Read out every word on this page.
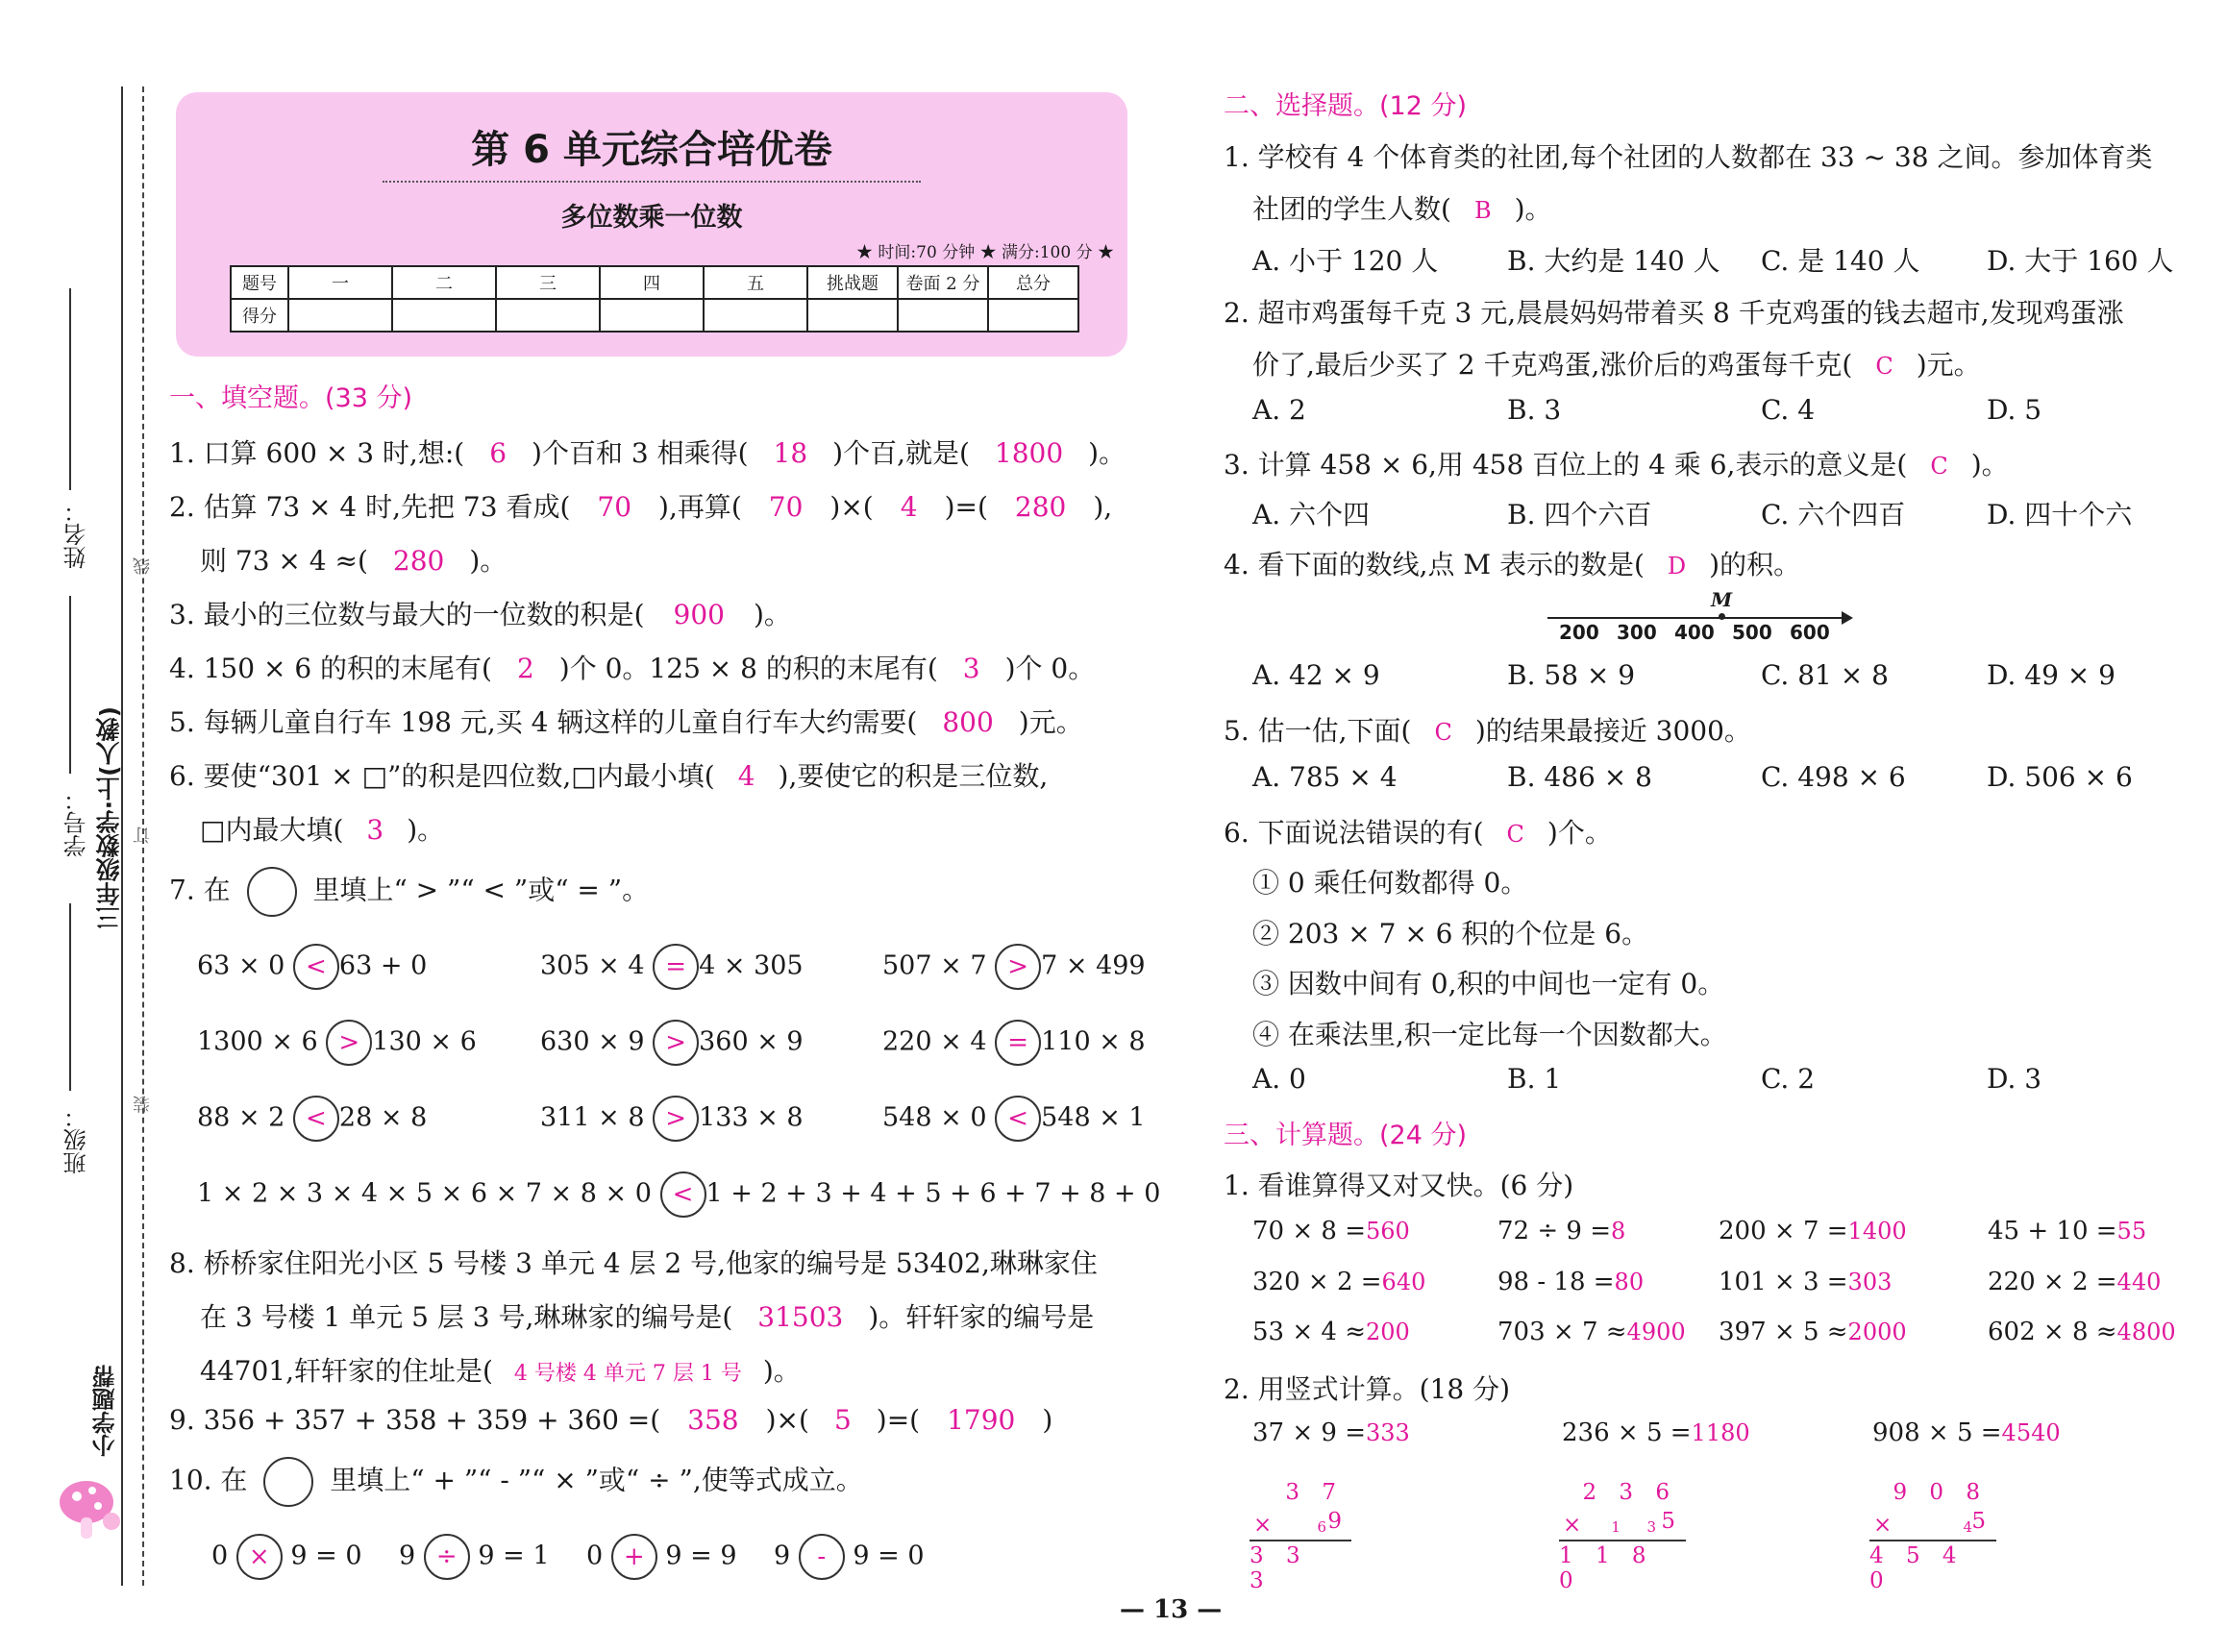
姓名： 线
学号： 三年级数学·上(人教) 订
班级：
装
小学题帮
第 6 单元综合培优卷
多位数乘一位数
★ 时间:70 分钟 ★ 满分:100 分 ★
题号	一	二	三	四	五	挑战题	卷面 2 分	总分
得分								
一、填空题。(33 分)
1. 口算 600 × 3 时,想:( 6 )个百和 3 相乘得( 18 )个百,就是( 1800 )。
2. 估算 73 × 4 时,先把 73 看成( 70 ),再算( 70 )×( 4 )=( 280 ),
则 73 × 4 ≈( 280 )。
3. 最小的三位数与最大的一位数的积是( 900 )。
4. 150 × 6 的积的末尾有( 2 )个 0。125 × 8 的积的末尾有( 3 )个 0。
5. 每辆儿童自行车 198 元,买 4 辆这样的儿童自行车大约需要( 800 )元。
6. 要使“301 × □”的积是四位数,□内最小填( 4 ),要使它的积是三位数,
□内最大填( 3 )。
7. 在	里填上“ > ”“ < ”或“ = ”。
63 × 0 < 63 + 0	305 × 4 = 4 × 305	507 × 7 > 7 × 499
1300 × 6 > 130 × 6 630 × 9 > 360 × 9	220 × 4 = 110 × 8
88 × 2 < 28 × 8	311 × 8 > 133 × 8	548 × 0 < 548 × 1
1 × 2 × 3 × 4 × 5 × 6 × 7 × 8 × 0 < 1 + 2 + 3 + 4 + 5 + 6 + 7 + 8 + 0
8. 桥桥家住阳光小区 5 号楼 3 单元 4 层 2 号,他家的编号是 53402,琳琳家住
在 3 号楼 1 单元 5 层 3 号,琳琳家的编号是( 31503 )。轩轩家的编号是
44701,轩轩家的住址是( 4 号楼 4 单元 7 层 1 号 )。
9. 356 + 357 + 358 + 359 + 360 =( 358 )×( 5 )=( 1790 )
10. 在	里填上“ + ”“ - ”“ × ”或“ ÷ ”,使等式成立。
0 × 9 = 0 9 ÷ 9 = 1 0 + 9 = 9 9 - 9 = 0
二、选择题。(12 分)
1. 学校有 4 个体育类的社团,每个社团的人数都在 33 ~ 38 之间。参加体育类
社团的学生人数( B )。
A. 小于 120 人	B. 大约是 140 人 C. 是 140 人 D. 大于 160 人
2. 超市鸡蛋每千克 3 元,晨晨妈妈带着买 8 千克鸡蛋的钱去超市,发现鸡蛋涨
价了,最后少买了 2 千克鸡蛋,涨价后的鸡蛋每千克( C )元。
A. 2	B. 3	C. 4	D. 5
3. 计算 458 × 6,用 458 百位上的 4 乘 6,表示的意义是( C )。
A. 六个四	B. 四个六百	C. 六个四百	D. 四十个六
4. 看下面的数线,点 M 表示的数是( D )的积。
M
200 300 400 500 600
A. 42 × 9	B. 58 × 9	C. 81 × 8	D. 49 × 9
5. 估一估,下面( C )的结果最接近 3000。
A. 785 × 4	B. 486 × 8	C. 498 × 6	D. 506 × 6
6. 下面说法错误的有( C )个。
① 0 乘任何数都得 0。
② 203 × 7 × 6 积的个位是 6。
③ 因数中间有 0,积的中间也一定有 0。
④ 在乘法里,积一定比每一个因数都大。
A. 0	B. 1	C. 2	D. 3
三、计算题。(24 分)
1. 看谁算得又对又快。(6 分)
70 × 8 =560	72 ÷ 9 =8	200 × 7 =1400	45 + 10 =55
320 × 2 =640	98 - 18 =80	101 × 3 =303	220 × 2 =440
53 × 4 ≈200	703 × 7 ≈4900 397 × 5 ≈2000	602 × 8 ≈4800
2. 用竖式计算。(18 分)
37 × 9 =333	236 × 5 =1180	908 × 5 =4540
3 7
×	6 9
3 3 3
2 3 6
× 1  3 5
1 1 8 0
9 0 8
×	4 5
4 5 4 0
— 13 —
